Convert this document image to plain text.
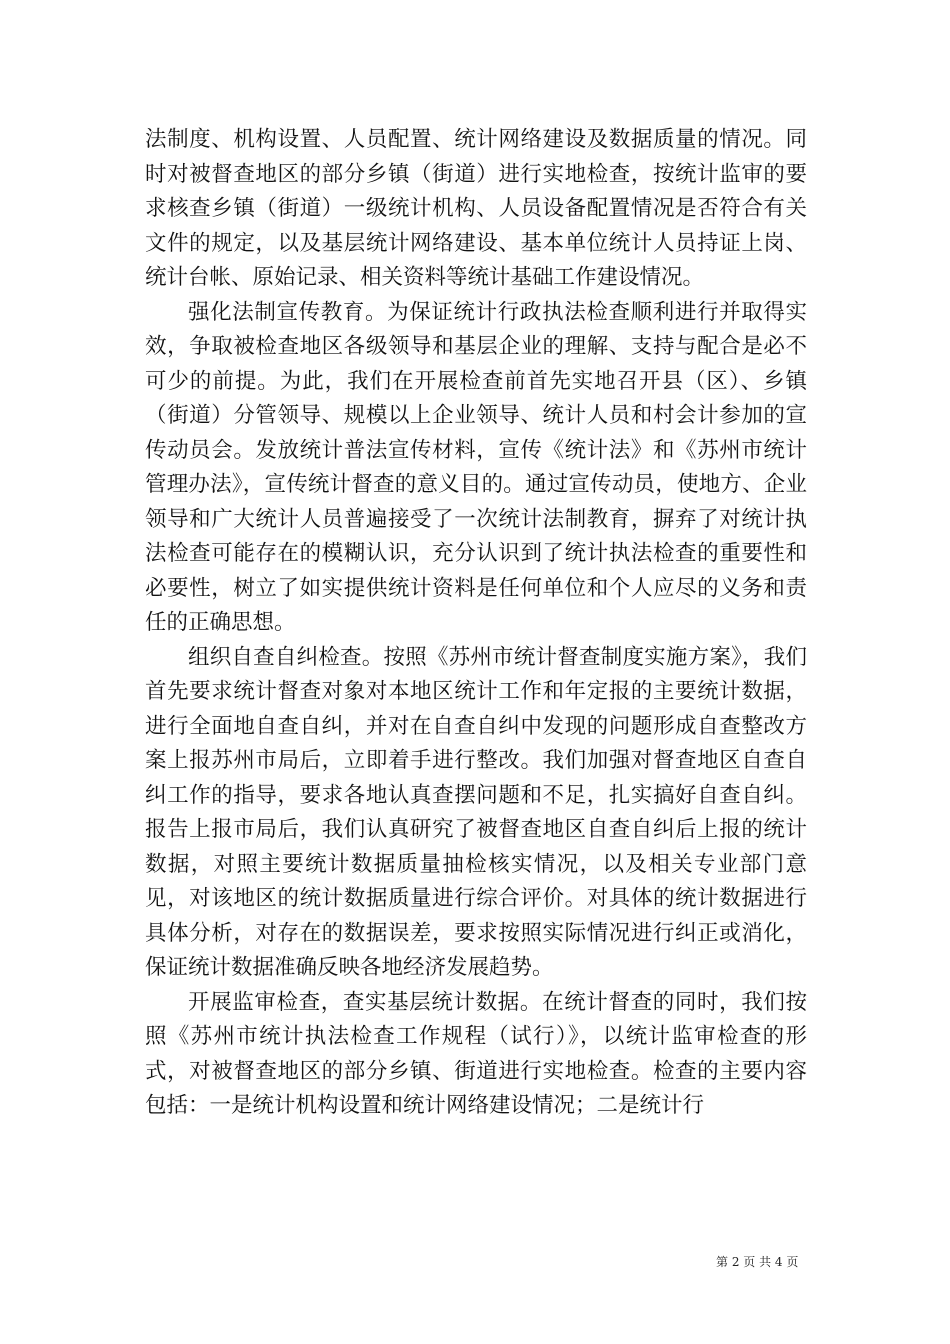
法制度、机构设置、人员配置、统计网络建设及数据质量的情况。同时对被督查地区的部分乡镇（街道）进行实地检查，按统计监审的要求核查乡镇（街道）一级统计机构、人员设备配置情况是否符合有关文件的规定，以及基层统计网络建设、基本单位统计人员持证上岗、统计台帐、原始记录、相关资料等统计基础工作建设情况。

强化法制宣传教育。为保证统计行政执法检查顺利进行并取得实效，争取被检查地区各级领导和基层企业的理解、支持与配合是必不可少的前提。为此，我们在开展检查前首先实地召开县（区）、乡镇（街道）分管领导、规模以上企业领导、统计人员和村会计参加的宣传动员会。发放统计普法宣传材料，宣传《统计法》和《苏州市统计管理办法》，宣传统计督查的意义目的。通过宣传动员，使地方、企业领导和广大统计人员普遍接受了一次统计法制教育，摒弃了对统计执法检查可能存在的模糊认识，充分认识到了统计执法检查的重要性和必要性，树立了如实提供统计资料是任何单位和个人应尽的义务和责任的正确思想。

组织自查自纠检查。按照《苏州市统计督查制度实施方案》，我们首先要求统计督查对象对本地区统计工作和年定报的主要统计数据，进行全面地自查自纠，并对在自查自纠中发现的问题形成自查整改方案上报苏州市局后，立即着手进行整改。我们加强对督查地区自查自纠工作的指导，要求各地认真查摆问题和不足，扎实搞好自查自纠。报告上报市局后，我们认真研究了被督查地区自查自纠后上报的统计数据，对照主要统计数据质量抽检核实情况，以及相关专业部门意见，对该地区的统计数据质量进行综合评价。对具体的统计数据进行具体分析，对存在的数据误差，要求按照实际情况进行纠正或消化，保证统计数据准确反映各地经济发展趋势。

开展监审检查，查实基层统计数据。在统计督查的同时，我们按照《苏州市统计执法检查工作规程（试行）》，以统计监审检查的形式，对被督查地区的部分乡镇、街道进行实地检查。检查的主要内容包括：一是统计机构设置和统计网络建设情况；二是统计行

第 2 页 共 4 页
